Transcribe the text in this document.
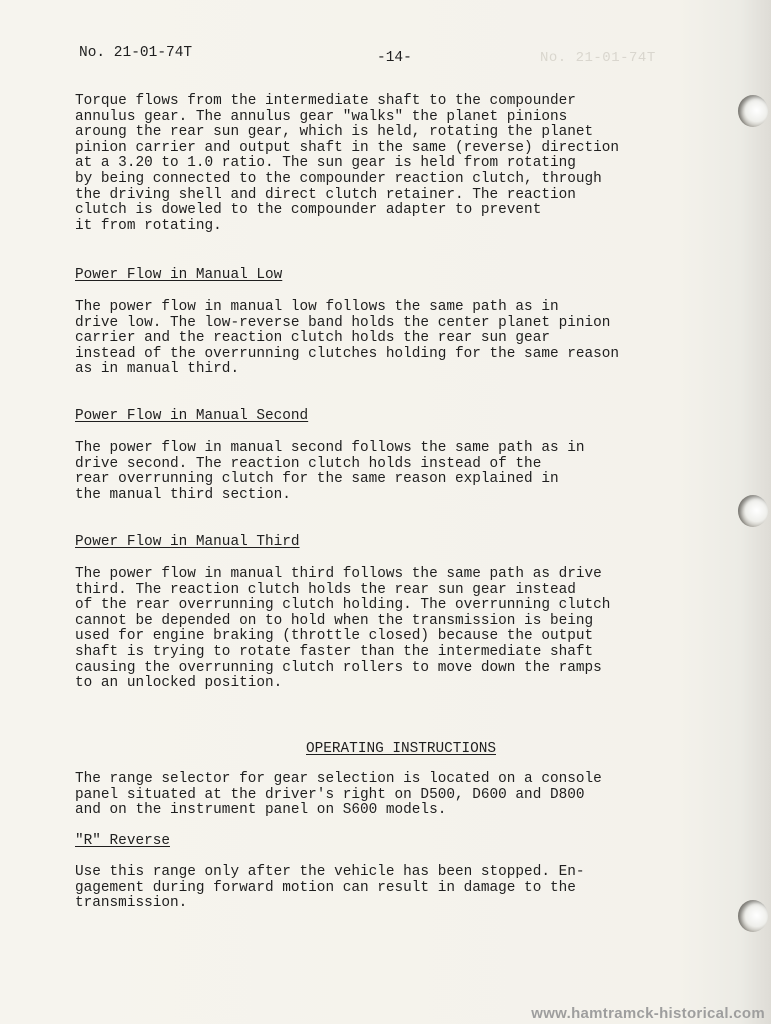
No. 21-01-74T
No. 21-01-74T	-14-
Torque flows from the intermediate shaft to the compounder
annulus gear. The annulus gear "walks" the planet pinions
aroung the rear sun gear, which is held, rotating the planet
pinion carrier and output shaft in the same (reverse) direction
at a 3.20 to 1.0 ratio. The sun gear is held from rotating
by being connected to the compounder reaction clutch, through
the driving shell and direct clutch retainer. The reaction
clutch is doweled to the compounder adapter to prevent
it from rotating.
Power Flow in Manual Low
The power flow in manual low follows the same path as in
drive low. The low-reverse band holds the center planet pinion
carrier and the reaction clutch holds the rear sun gear
instead of the overrunning clutches holding for the same reason
as in manual third.
Power Flow in Manual Second
The power flow in manual second follows the same path as in
drive second. The reaction clutch holds instead of the
rear overrunning clutch for the same reason explained in
the manual third section.
Power Flow in Manual Third
The power flow in manual third follows the same path as drive
third. The reaction clutch holds the rear sun gear instead
of the rear overrunning clutch holding. The overrunning clutch
cannot be depended on to hold when the transmission is being
used for engine braking (throttle closed) because the output
shaft is trying to rotate faster than the intermediate shaft
causing the overrunning clutch rollers to move down the ramps
to an unlocked position.
OPERATING INSTRUCTIONS
The range selector for gear selection is located on a console
panel situated at the driver's right on D500, D600 and D800
and on the instrument panel on S600 models.
"R" Reverse
Use this range only after the vehicle has been stopped. En-
gagement during forward motion can result in damage to the
transmission.
www.hamtramck-historical.com
